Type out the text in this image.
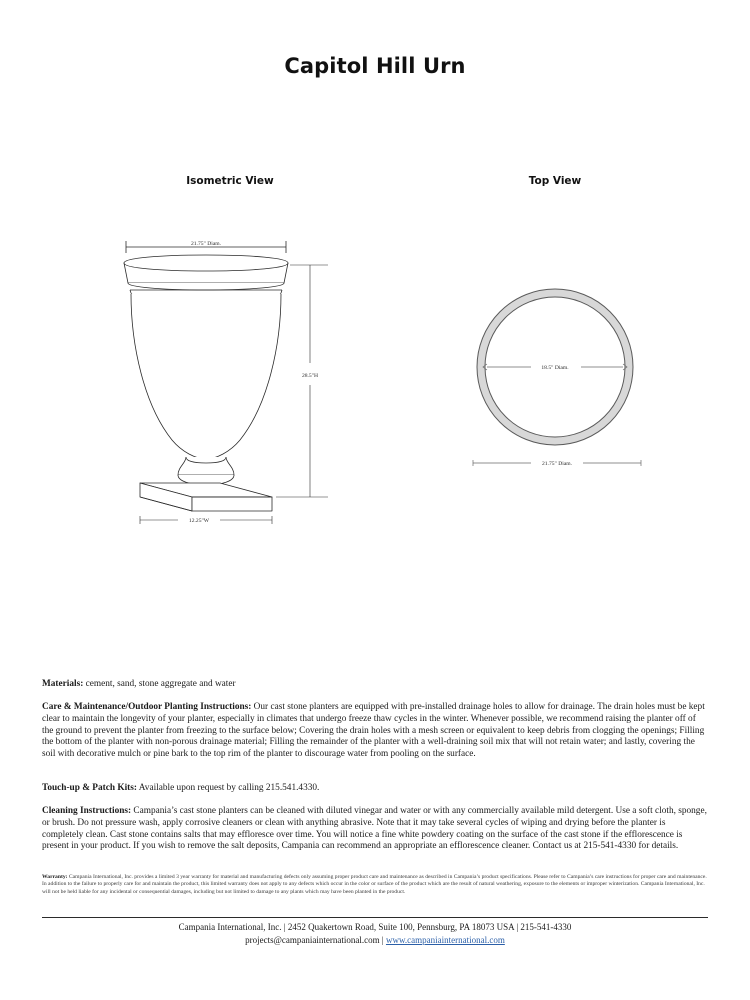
Capitol Hill Urn
Isometric View	Top View
21.75" Diam.
28.5"H
12.25"W
18.5" Diam.
21.75" Diam.

Materials: cement, sand, stone aggregate and water

Care & Maintenance/Outdoor Planting Instructions: Our cast stone planters are equipped with pre-installed drainage holes to allow for drainage. The drain holes must be kept clear to maintain the longevity of your planter, especially in climates that undergo freeze thaw cycles in the winter. Whenever possible, we recommend raising the planter off of the ground to prevent the planter from freezing to the surface below; Covering the drain holes with a mesh screen or equivalent to keep debris from clogging the openings; Filling the bottom of the planter with non-porous drainage material; Filling the remainder of the planter with a well-draining soil mix that will not retain water; and lastly, covering the soil with decorative mulch or pine bark to the top rim of the planter to discourage water from pooling on the surface.

Touch-up & Patch Kits: Available upon request by calling 215.541.4330.

Cleaning Instructions: Campania’s cast stone planters can be cleaned with diluted vinegar and water or with any commercially available mild detergent. Use a soft cloth, sponge, or brush. Do not pressure wash, apply corrosive cleaners or clean with anything abrasive. Note that it may take several cycles of wiping and drying before the planter is completely clean. Cast stone contains salts that may effloresce over time. You will notice a fine white powdery coating on the surface of the cast stone if the efflorescence is present in your product. If you wish to remove the salt deposits, Campania can recommend an appropriate an efflorescence cleaner. Contact us at 215-541-4330 for details.

Warranty: Campania International, Inc. provides a limited 3 year warranty for material and manufacturing defects only assuming proper product care and maintenance as described in Campania’s product specifications. Please refer to Campania’s care instructions for proper care and maintenance. In addition to the failure to properly care for and maintain the product, this limited warranty does not apply to any defects which occur in the color or surface of the product which are the result of natural weathering, exposure to the elements or improper winterization. Campania International, Inc. will not be held liable for any incidental or consequential damages, including but not limited to damage to any plants which may have been planted in the product.

Campania International, Inc. | 2452 Quakertown Road, Suite 100, Pennsburg, PA 18073 USA | 215-541-4330
projects@campaniainternational.com | www.campaniainternational.com
